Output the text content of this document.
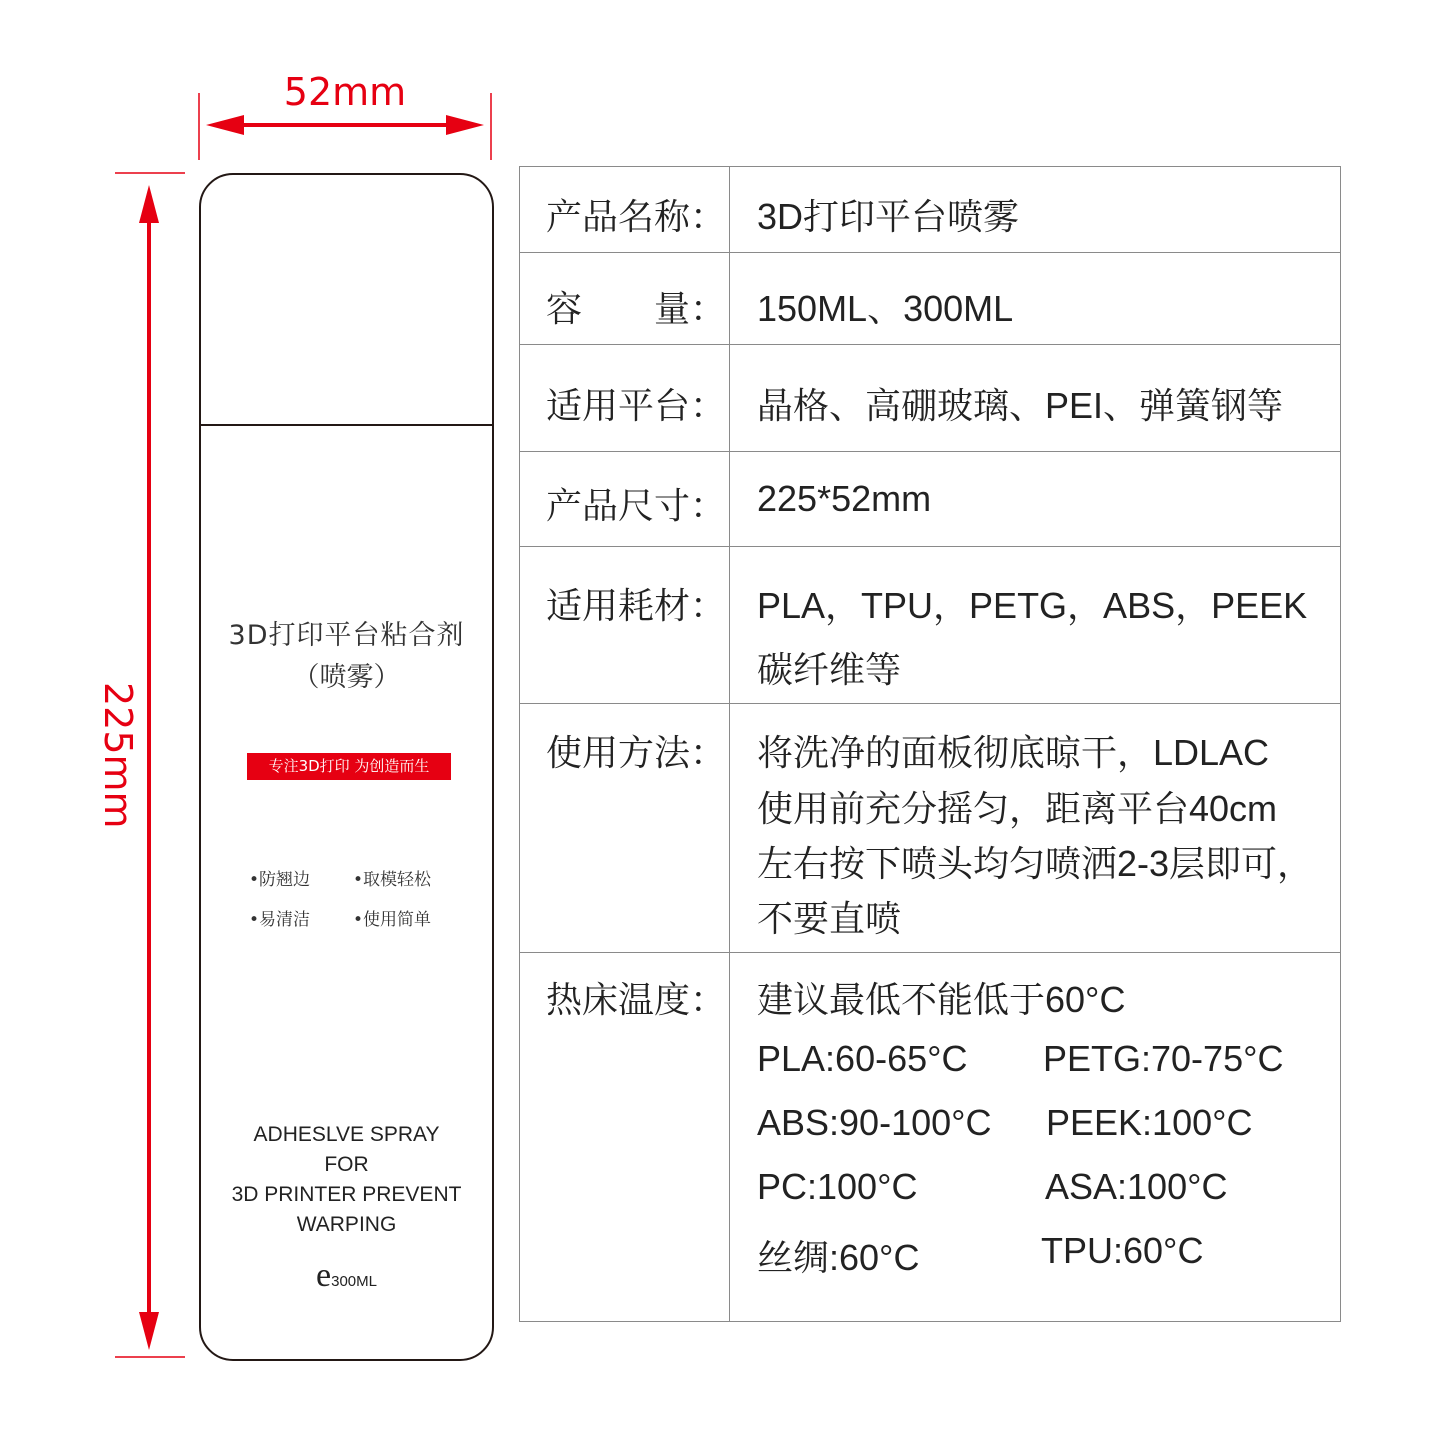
52mm
225mm
3D打印平台粘合剂
（喷雾）
专注3D打印 为创造而生
•防翘边	•取模轻松
•易清洁	•使用简单
ADHESLVE SPRAY
FOR
3D PRINTER PREVENT
WARPING
e300ML
产品名称： 3D打印平台喷雾
容　　量： 150ML、300ML
适用平台： 晶格、高硼玻璃、PEI、弹簧钢等
产品尺寸： 225*52mm
适用耗材： PLA，TPU，PETG，ABS，PEEK
碳纤维等
使用方法： 将洗净的面板彻底晾干，LDLAC
使用前充分摇匀，距离平台40cm
左右按下喷头均匀喷洒2-3层即可，
不要直喷
热床温度： 建议最低不能低于60°C
PLA:60-65°C PETG:70-75°C
ABS:90-100°C PEEK:100°C
PC:100°C	ASA:100°C
丝绸:60°C	TPU:60°C
